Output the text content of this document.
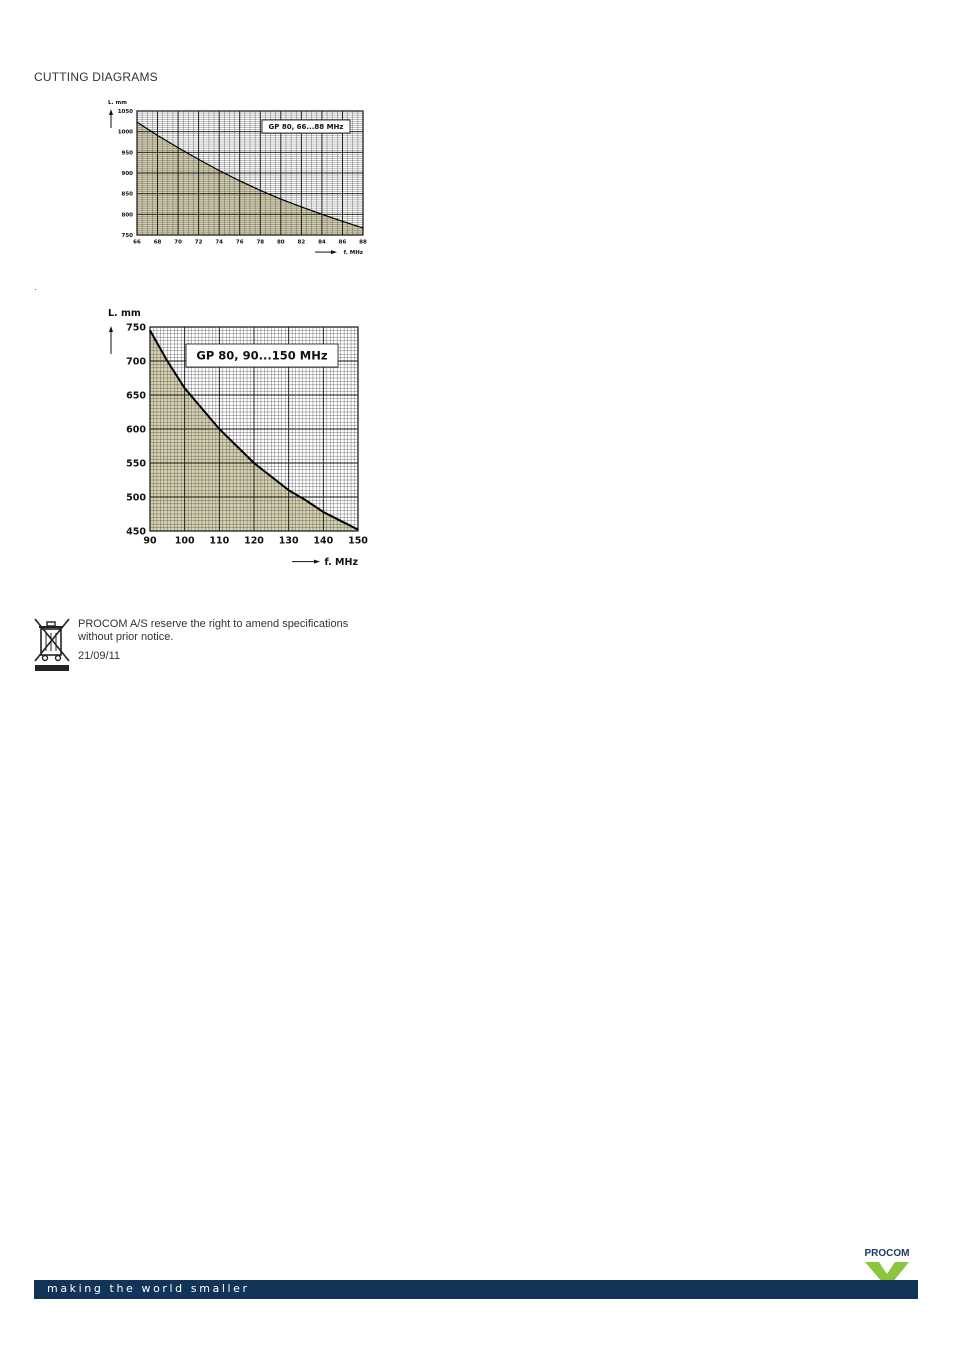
CUTTING DIAGRAMS
GP 80, 66...88 MHz
66 68 70 72 74 76 78 80 82 84 86 88
1050
1000
950
900
850
800
750
L. mm
f. MHz
.
GP 80, 90...150 MHz
90 100 110 120 130 140 150
750
700
650
600
550
500
450
L. mm
f. MHz
PROCOM A/S reserve the right to amend specifications
without prior notice.
21/09/11
PROCOM
making the world smaller
